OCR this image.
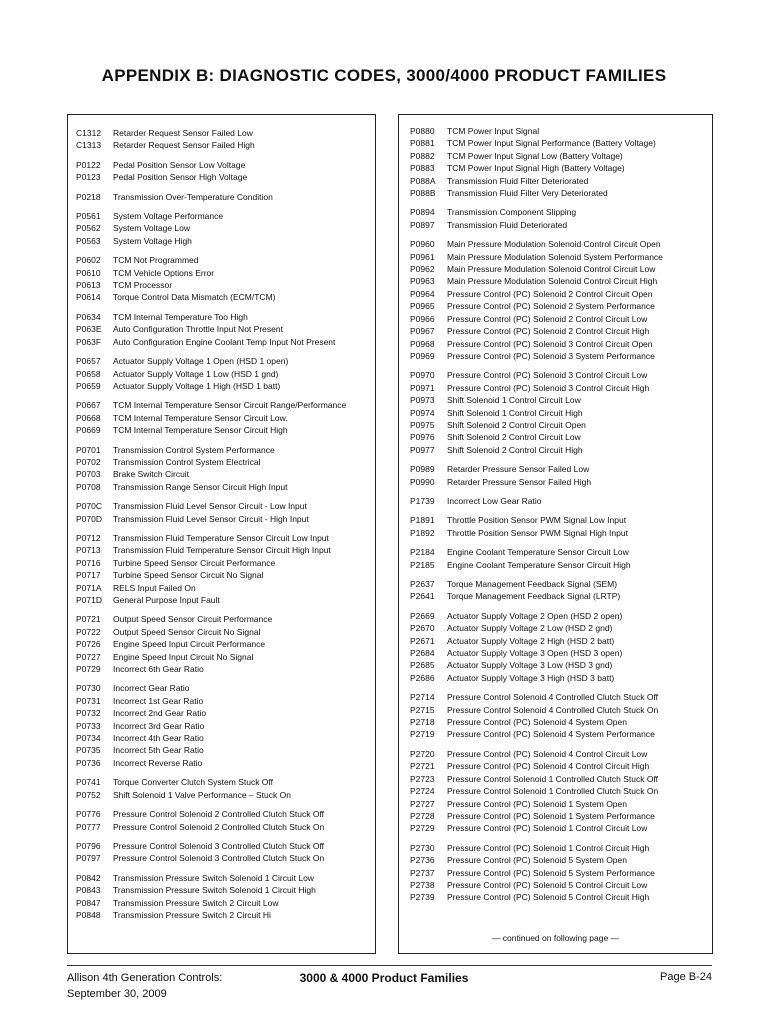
APPENDIX B: DIAGNOSTIC CODES, 3000/4000 PRODUCT FAMILIES
C1312	Retarder Request Sensor Failed Low
C1313	Retarder Request Sensor Failed High
P0122	Pedal Position Sensor Low Voltage
P0123	Pedal Position Sensor High Voltage
P0218	Transmission Over-Temperature Condition
P0561	System Voltage Performance
P0562	System Voltage Low
P0563	System Voltage High
P0602	TCM Not Programmed
P0610	TCM Vehicle Options Error
P0613	TCM Processor
P0614	Torque Control Data Mismatch (ECM/TCM)
P0634	TCM Internal Temperature Too High
P063E	Auto Configuration Throttle Input Not Present
P063F	Auto Configuration Engine Coolant Temp Input Not Present
P0657	Actuator Supply Voltage 1 Open (HSD 1 open)
P0658	Actuator Supply Voltage 1 Low (HSD 1 gnd)
P0659	Actuator Supply Voltage 1 High (HSD 1 batt)
P0667	TCM Internal Temperature Sensor Circuit Range/Performance
P0668	TCM Internal Temperature Sensor Circuit Low.
P0669	TCM Internal Temperature Sensor Circuit High
P0701	Transmission Control System Performance
P0702	Transmission Control System Electrical
P0703	Brake Switch Circuit
P0708	Transmission Range Sensor Circuit High Input
P070C	Transmission Fluid Level Sensor Circuit - Low Input
P070D	Transmission Fluid Level Sensor Circuit - High Input
P0712	Transmission Fluid Temperature Sensor Circuit Low Input
P0713	Transmission Fluid Temperature Sensor Circuit High Input
P0716	Turbine Speed Sensor Circuit Performance
P0717	Turbine Speed Sensor Circuit No Signal
P071A	RELS Input Failed On
P071D	General Purpose Input Fault
P0721	Output Speed Sensor Circuit Performance
P0722	Output Speed Sensor Circuit No Signal
P0726	Engine Speed Input Circuit Performance
P0727	Engine Speed Input Circuit No Signal
P0729	Incorrect 6th Gear Ratio
P0730	Incorrect Gear Ratio
P0731	Incorrect 1st Gear Ratio
P0732	Incorrect 2nd Gear Ratio
P0733	Incorrect 3rd Gear Ratio
P0734	Incorrect 4th Gear Ratio
P0735	Incorrect 5th Gear Ratio
P0736	Incorrect Reverse Ratio
P0741	Torque Converter Clutch System Stuck Off
P0752	Shift Solenoid 1 Valve Performance – Stuck On
P0776	Pressure Control Solenoid 2 Controlled Clutch Stuck Off
P0777	Pressure Control Solenoid 2 Controlled Clutch Stuck On
P0796	Pressure Control Solenoid 3 Controlled Clutch Stuck Off
P0797	Pressure Control Solenoid 3 Controlled Clutch Stuck On
P0842	Transmission Pressure Switch Solenoid 1 Circuit Low
P0843	Transmission Pressure Switch Solenoid 1 Circuit High
P0847	Transmission Pressure Switch 2 Circuit Low
P0848	Transmission Pressure Switch 2 Circuit Hi
P0880	TCM Power Input Signal
P0881	TCM Power Input Signal Performance (Battery Voltage)
P0882	TCM Power Input Signal Low (Battery Voltage)
P0883	TCM Power Input Signal High (Battery Voltage)
P088A	Transmission Fluid Filter Deteriorated
P088B	Transmission Fluid Filter Very Deteriorated
P0894	Transmission Component Slipping
P0897	Transmission Fluid Deteriorated
P0960	Main Pressure Modulation Solenoid Control Circuit Open
P0961	Main Pressure Modulation Solenoid System Performance
P0962	Main Pressure Modulation Solenoid Control Circuit Low
P0963	Main Pressure Modulation Solenoid Control Circuit High
P0964	Pressure Control (PC) Solenoid 2 Control Circuit Open
P0965	Pressure Control (PC) Solenoid 2 System Performance
P0966	Pressure Control (PC) Solenoid 2 Control Circuit Low
P0967	Pressure Control (PC) Solenoid 2 Control Circuit High
P0968	Pressure Control (PC) Solenoid 3 Control Circuit Open
P0969	Pressure Control (PC) Solenoid 3 System Performance
P0970	Pressure Control (PC) Solenoid 3 Control Circuit Low
P0971	Pressure Control (PC) Solenoid 3 Control Circuit High
P0973	Shift Solenoid 1 Control Circuit Low
P0974	Shift Solenoid 1 Control Circuit High
P0975	Shift Solenoid 2 Control Circuit Open
P0976	Shift Solenoid 2 Control Circuit Low
P0977	Shift Solenoid 2 Control Circuit High
P0989	Retarder Pressure Sensor Failed Low
P0990	Retarder Pressure Sensor Failed High
P1739	Incorrect Low Gear Ratio
P1891	Throttle Position Sensor PWM Signal Low Input
P1892	Throttle Position Sensor PWM Signal High Input
P2184	Engine Coolant Temperature Sensor Circuit Low
P2185	Engine Coolant Temperature Sensor Circuit High
P2637	Torque Management Feedback Signal (SEM)
P2641	Torque Management Feedback Signal (LRTP)
P2669	Actuator Supply Voltage 2 Open (HSD 2 open)
P2670	Actuator Supply Voltage 2 Low (HSD 2 gnd)
P2671	Actuator Supply Voltage 2 High (HSD 2 batt)
P2684	Actuator Supply Voltage 3 Open (HSD 3 open)
P2685	Actuator Supply Voltage 3 Low (HSD 3 gnd)
P2686	Actuator Supply Voltage 3 High (HSD 3 batt)
P2714	Pressure Control Solenoid 4 Controlled Clutch Stuck Off
P2715	Pressure Control Solenoid 4 Controlled Clutch Stuck On
P2718	Pressure Control (PC) Solenoid 4 System Open
P2719	Pressure Control (PC) Solenoid 4 System Performance
P2720	Pressure Control (PC) Solenoid 4 Control Circuit Low
P2721	Pressure Control (PC) Solenoid 4 Control Circuit High
P2723	Pressure Control Solenoid 1 Controlled Clutch Stuck Off
P2724	Pressure Control Solenoid 1 Controlled Clutch Stuck On
P2727	Pressure Control (PC) Solenoid 1 System Open
P2728	Pressure Control (PC) Solenoid 1 System Performance
P2729	Pressure Control (PC) Solenoid 1 Control Circuit Low
P2730	Pressure Control (PC) Solenoid 1 Control Circuit High
P2736	Pressure Control (PC) Solenoid 5 System Open
P2737	Pressure Control (PC) Solenoid 5 System Performance
P2738	Pressure Control (PC) Solenoid 5 Control Circuit Low
P2739	Pressure Control (PC) Solenoid 5 Control Circuit High
— continued on following page —
Allison 4th Generation Controls:
September 30, 2009
3000 & 4000 Product Families	Page B-24
